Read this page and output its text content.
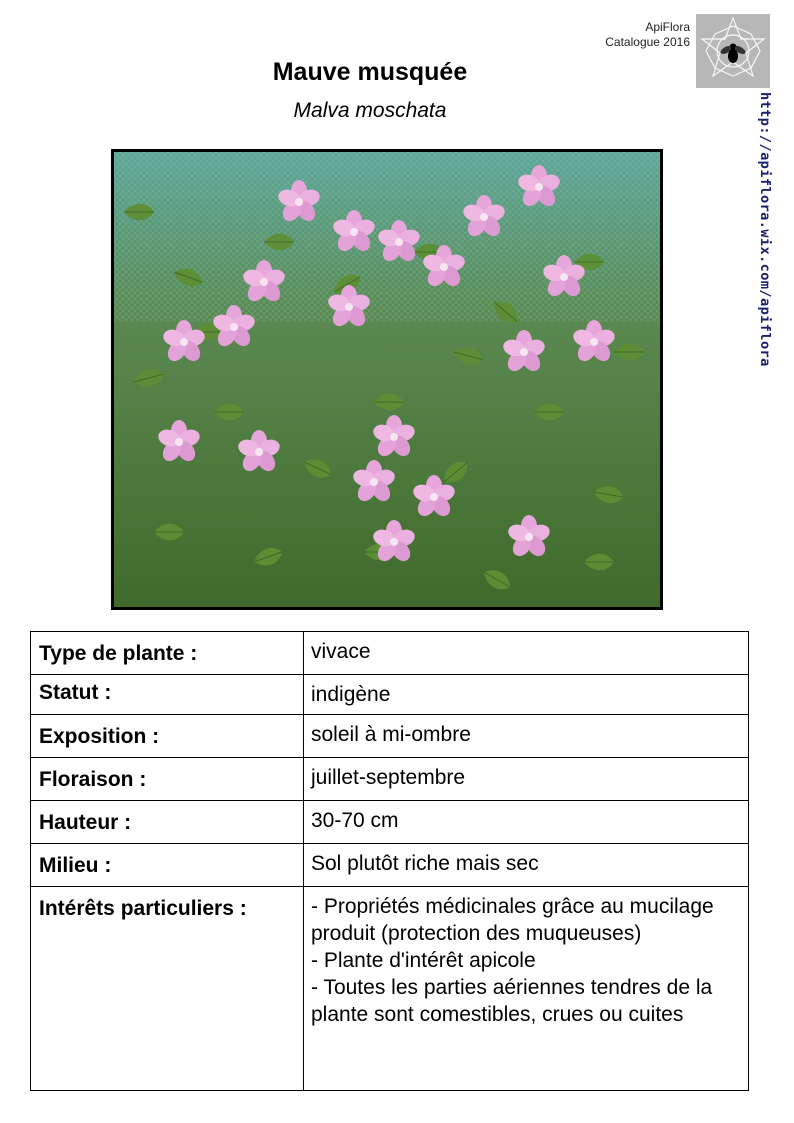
ApiFlora
Catalogue 2016
http://apiflora.wix.com/apiflora
Mauve musquée
Malva moschata
Type de plante :	vivace
Statut :	indigène
Exposition :	soleil à mi-ombre
Floraison :	juillet-septembre
Hauteur :	30-70 cm
Milieu :	Sol plutôt riche mais sec
Intérêts particuliers :	- Propriétés médicinales grâce au mucilage produit (protection des muqueuses)
- Plante d'intérêt apicole
- Toutes les parties aériennes tendres de la plante sont comestibles, crues ou cuites
